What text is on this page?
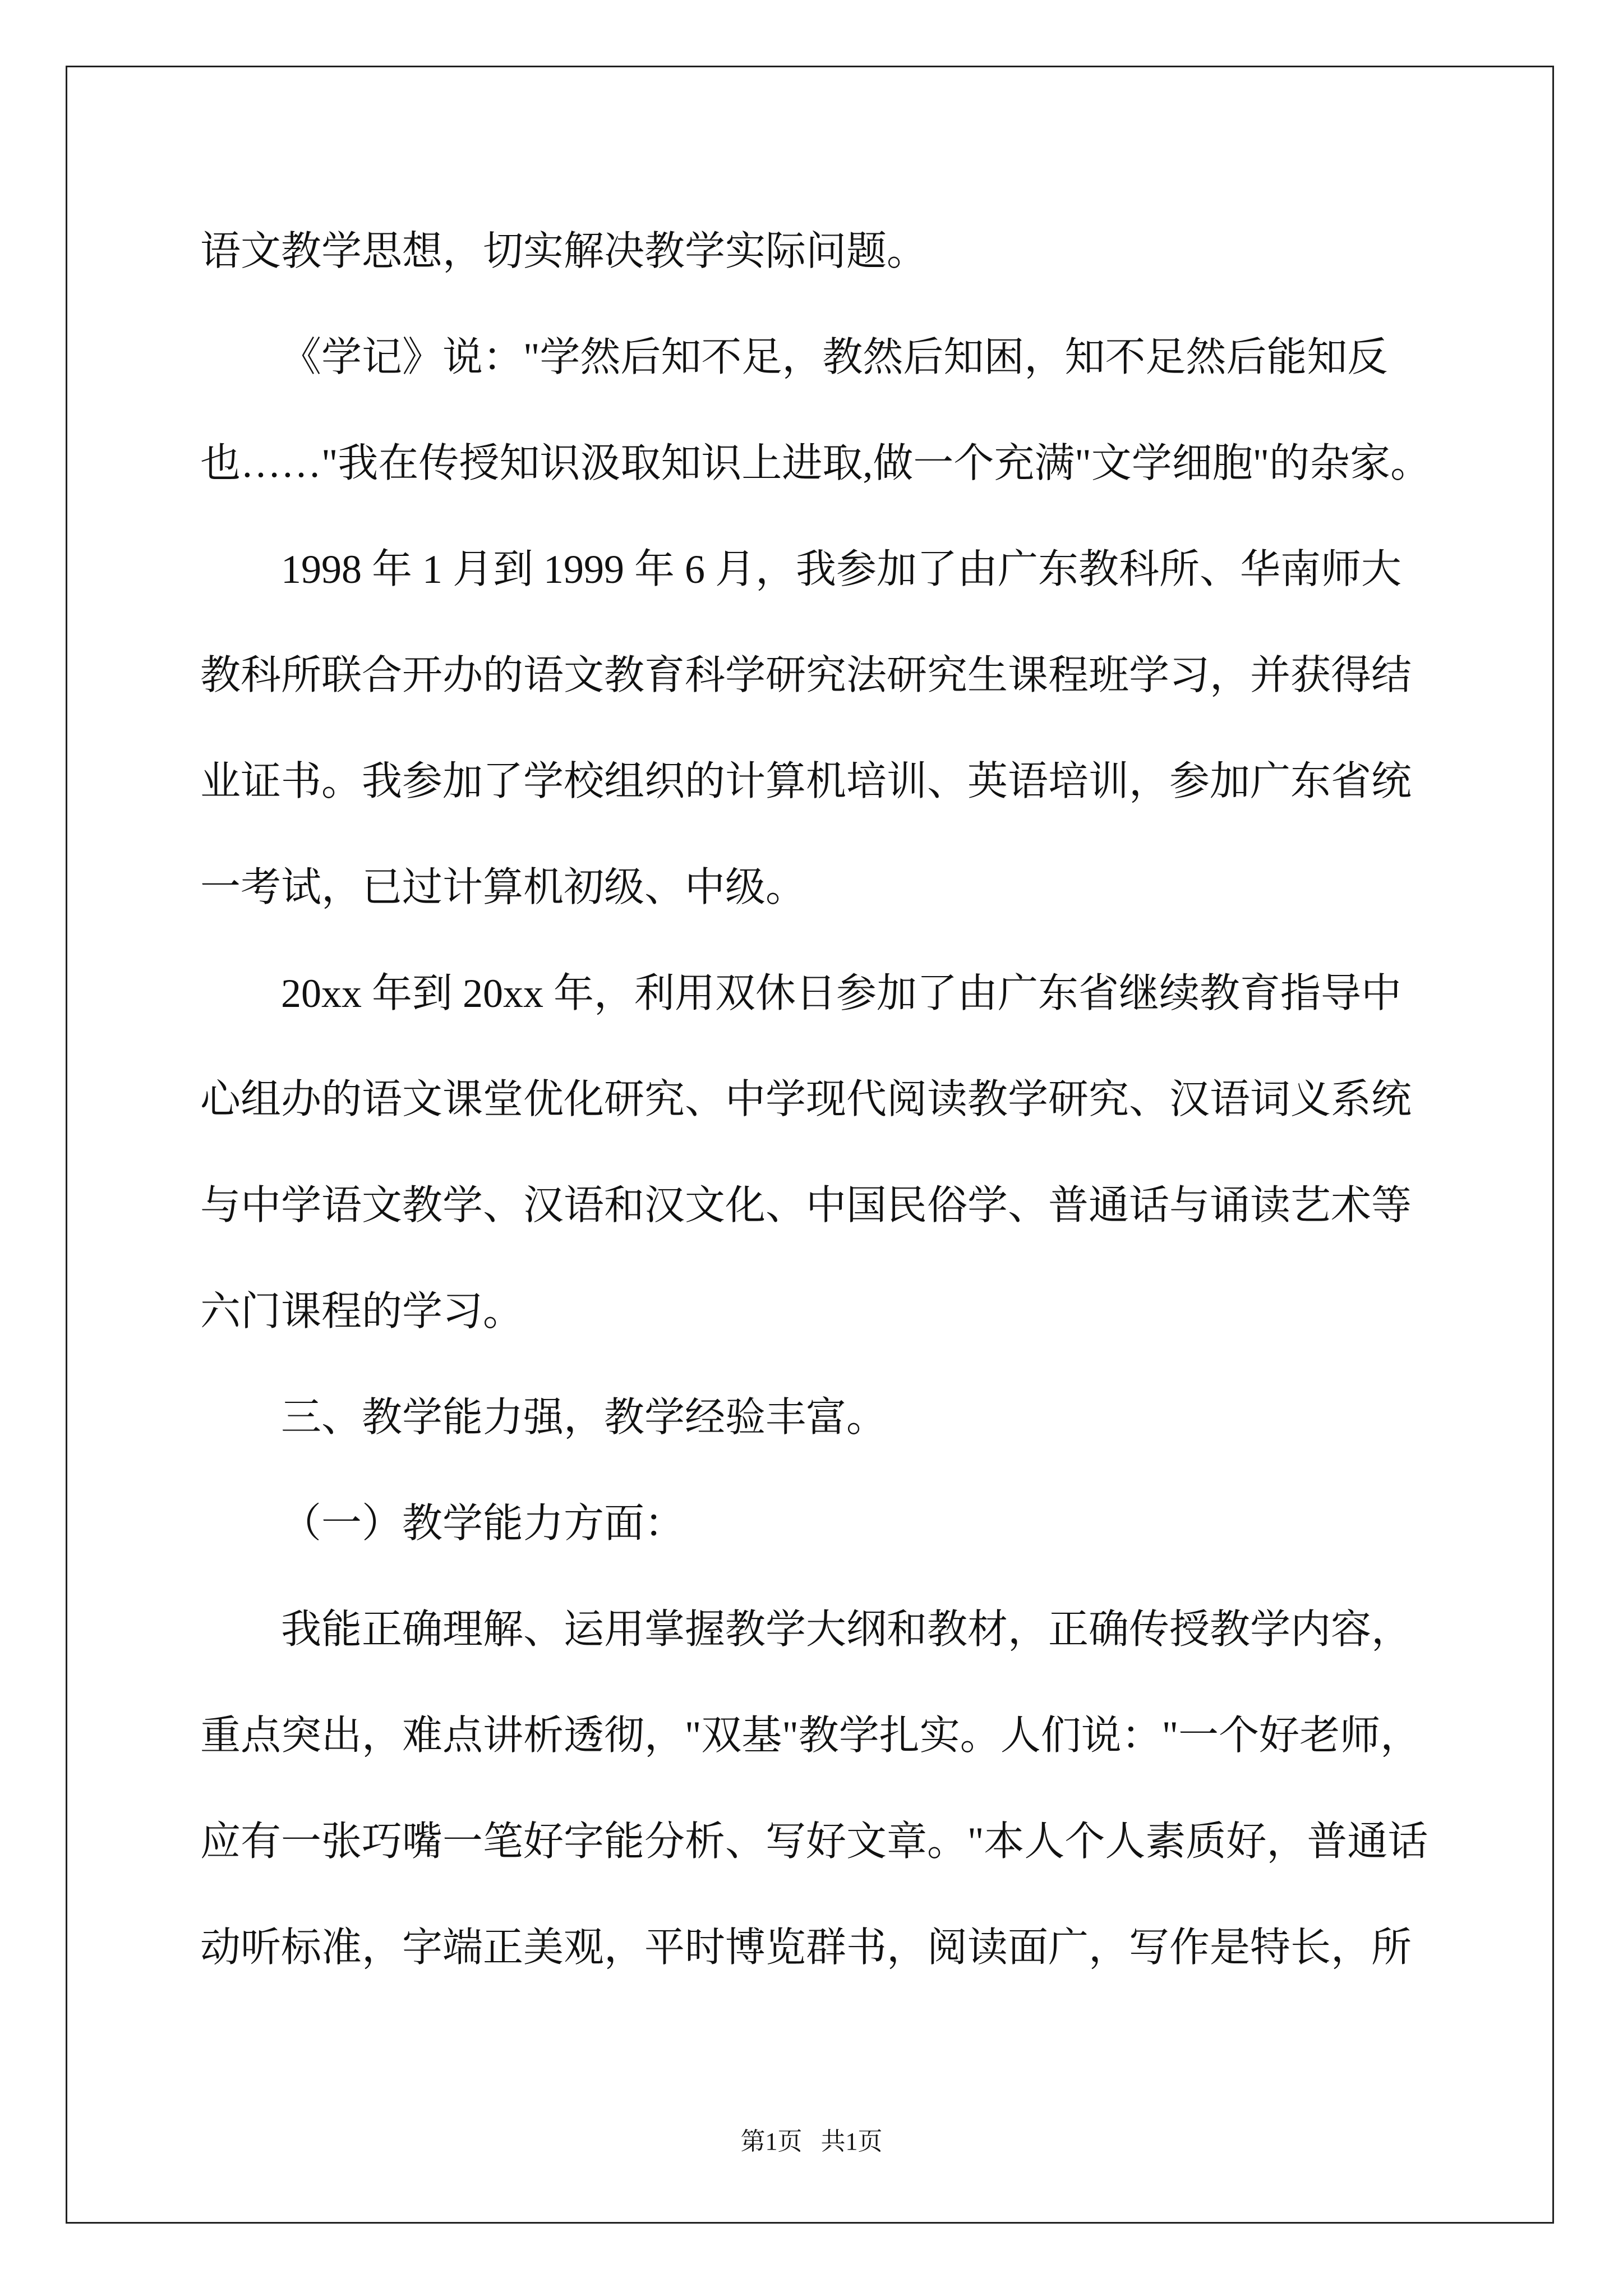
语文教学思想，切实解决教学实际问题。
《学记》说："学然后知不足，教然后知困，知不足然后能知反
也……"我在传授知识汲取知识上进取,做一个充满"文学细胞"的杂家。
1998 年 1 月到 1999 年 6 月，我参加了由广东教科所、华南师大
教科所联合开办的语文教育科学研究法研究生课程班学习，并获得结
业证书。我参加了学校组织的计算机培训、英语培训，参加广东省统
一考试，已过计算机初级、中级。
20xx 年到 20xx 年，利用双休日参加了由广东省继续教育指导中
心组办的语文课堂优化研究、中学现代阅读教学研究、汉语词义系统
与中学语文教学、汉语和汉文化、中国民俗学、普通话与诵读艺术等
六门课程的学习。
三、教学能力强，教学经验丰富。
（一）教学能力方面：
我能正确理解、运用掌握教学大纲和教材，正确传授教学内容，
重点突出，难点讲析透彻，"双基"教学扎实。人们说："一个好老师，
应有一张巧嘴一笔好字能分析、写好文章。"本人个人素质好，普通话
动听标准，字端正美观，平时博览群书，阅读面广，写作是特长，所
第1页   共1页
